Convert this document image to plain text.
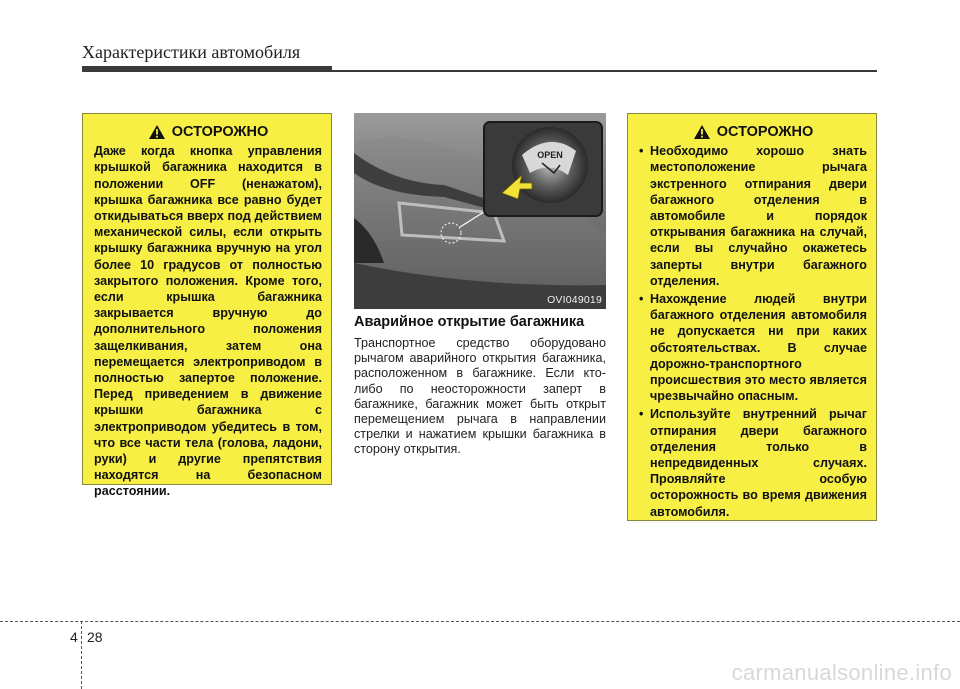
Характеристики автомобиля
ОСТОРОЖНО
Даже когда кнопка управления крышкой багажника находится в положении OFF (ненажатом), крышка багажника все равно будет откидываться вверх под действием механической силы, если открыть крышку багажника вручную на угол более 10 градусов от полностью закрытого положения. Кроме того, если крышка багажника закрывается вручную до дополнительного положения защелкивания, затем она перемещается электроприводом в полностью запертое положение. Перед приведением в движение крышки багажника с электроприводом убедитесь в том, что все части тела (голова, ладони, руки) и другие препятствия находятся на безопасном расстоянии.
OPEN
OVI049019
Аварийное открытие багажника
Транспортное средство оборудовано рычагом аварийного открытия багажника, расположенном в багажнике. Если кто-либо по неосторожности заперт в багажнике, багажник может быть открыт перемещением рычага в направлении стрелки и нажатием крышки багажника в сторону открытия.
ОСТОРОЖНО
• Необходимо хорошо знать местоположение рычага экстренного отпирания двери багажного отделения в автомобиле и порядок открывания багажника на случай, если вы случайно окажетесь заперты внутри багажного отделения.
• Нахождение людей внутри багажного отделения автомобиля не допускается ни при каких обстоятельствах. В случае дорожно-транспортного происшествия это место является чрезвычайно опасным.
• Используйте внутренний рычаг отпирания двери багажного отделения только в непредвиденных случаях. Проявляйте особую осторожность во время движения автомобиля.
4 28
carmanualsonline.info
